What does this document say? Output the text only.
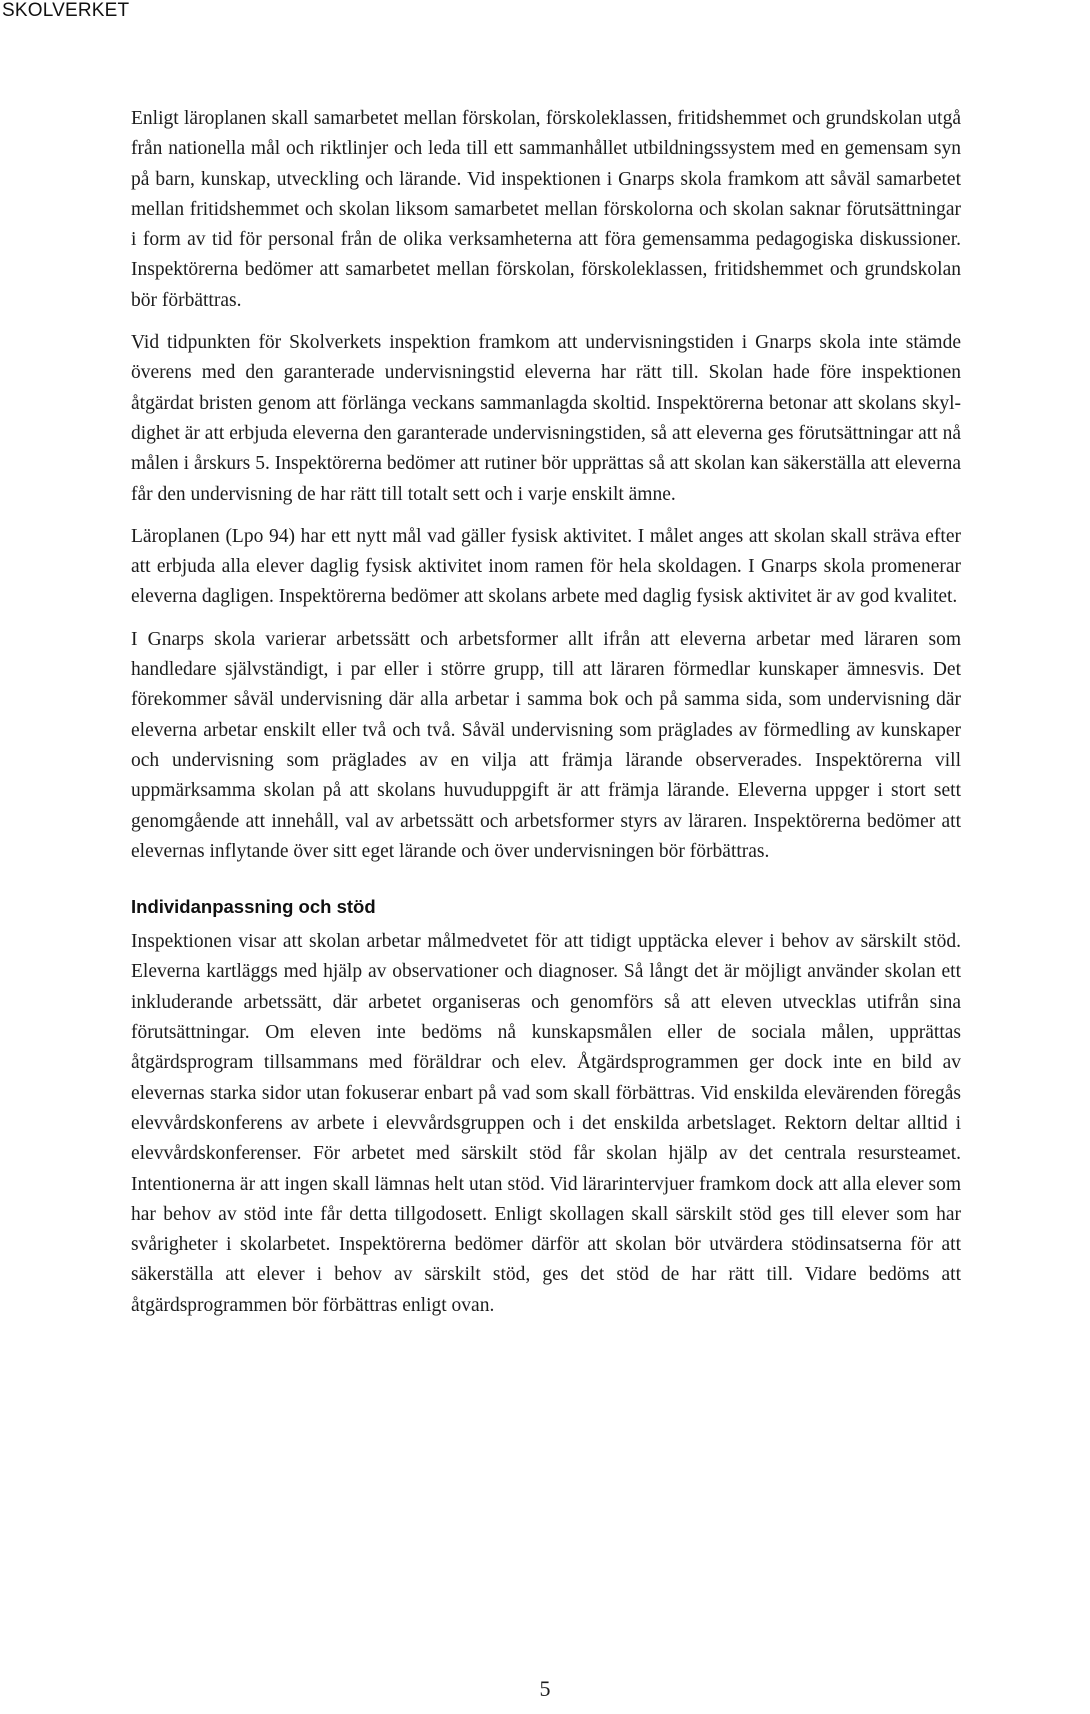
SKOLVERKET

Enligt läroplanen skall samarbetet mellan förskolan, förskoleklassen, fritidshemmet och grundskolan utgå från nationella mål och riktlinjer och leda till ett sammanhållet utbildningssystem med en gemensam syn på barn, kunskap, utveckling och lärande. Vid inspektionen i Gnarps skola framkom att såväl samarbetet mellan fritidshemmet och skolan liksom samarbetet mellan förskolorna och skolan saknar förutsättningar i form av tid för personal från de olika verksamheterna att föra gemensamma pedagogiska diskussioner. Inspektörerna bedömer att samarbetet mellan förskolan, förskoleklassen, fritidshemmet och grundskolan bör förbättras.

Vid tidpunkten för Skolverkets inspektion framkom att undervisningstiden i Gnarps skola inte stämde överens med den garanterade undervisningstid eleverna har rätt till. Skolan hade före inspektionen åtgärdat bristen genom att förlänga veckans sammanlagda skoltid. Inspektörerna betonar att skolans skyldighet är att erbjuda eleverna den garanterade undervisningstiden, så att eleverna ges förutsättningar att nå målen i årskurs 5. Inspektörerna bedömer att rutiner bör upprättas så att skolan kan säkerställa att eleverna får den undervisning de har rätt till totalt sett och i varje enskilt ämne.

Läroplanen (Lpo 94) har ett nytt mål vad gäller fysisk aktivitet. I målet anges att skolan skall sträva efter att erbjuda alla elever daglig fysisk aktivitet inom ramen för hela skoldagen. I Gnarps skola promenerar eleverna dagligen. Inspektörerna bedömer att skolans arbete med daglig fysisk aktivitet är av god kvalitet.

I Gnarps skola varierar arbetssätt och arbetsformer allt ifrån att eleverna arbetar med läraren som handledare självständigt, i par eller i större grupp, till att läraren förmedlar kunskaper ämnesvis. Det förekommer såväl undervisning där alla arbetar i samma bok och på samma sida, som undervisning där eleverna arbetar enskilt eller två och två. Såväl undervisning som präglades av förmedling av kunskaper och undervisning som präglades av en vilja att främja lärande observerades. Inspektörerna vill uppmärksamma skolan på att skolans huvuduppgift är att främja lärande. Eleverna uppger i stort sett genomgående att innehåll, val av arbetssätt och arbetsformer styrs av läraren. Inspektörerna bedömer att elevernas inflytande över sitt eget lärande och över undervisningen bör förbättras.

Individanpassning och stöd

Inspektionen visar att skolan arbetar målmedvetet för att tidigt upptäcka elever i behov av särskilt stöd. Eleverna kartläggs med hjälp av observationer och diagnoser. Så långt det är möjligt använder skolan ett inkluderande arbetssätt, där arbetet organiseras och genomförs så att eleven utvecklas utifrån sina förutsättningar. Om eleven inte bedöms nå kunskapsmålen eller de sociala målen, upprättas åtgärdsprogram tillsammans med föräldrar och elev. Åtgärdsprogrammen ger dock inte en bild av elevernas starka sidor utan fokuserar enbart på vad som skall förbättras. Vid enskilda elevärenden föregås elevvårdskonferens av arbete i elevvårdsgruppen och i det enskilda arbetslaget. Rektorn deltar alltid i elevvårdskonferenser. För arbetet med särskilt stöd får skolan hjälp av det centrala resursteamet. Intentionerna är att ingen skall lämnas helt utan stöd. Vid lärarintervjuer framkom dock att alla elever som har behov av stöd inte får detta tillgodosett. Enligt skollagen skall särskilt stöd ges till elever som har svårigheter i skolarbetet. Inspektörerna bedömer därför att skolan bör utvärdera stödinsatserna för att säkerställa att elever i behov av särskilt stöd, ges det stöd de har rätt till. Vidare bedöms att åtgärdsprogrammen bör förbättras enligt ovan.

5
